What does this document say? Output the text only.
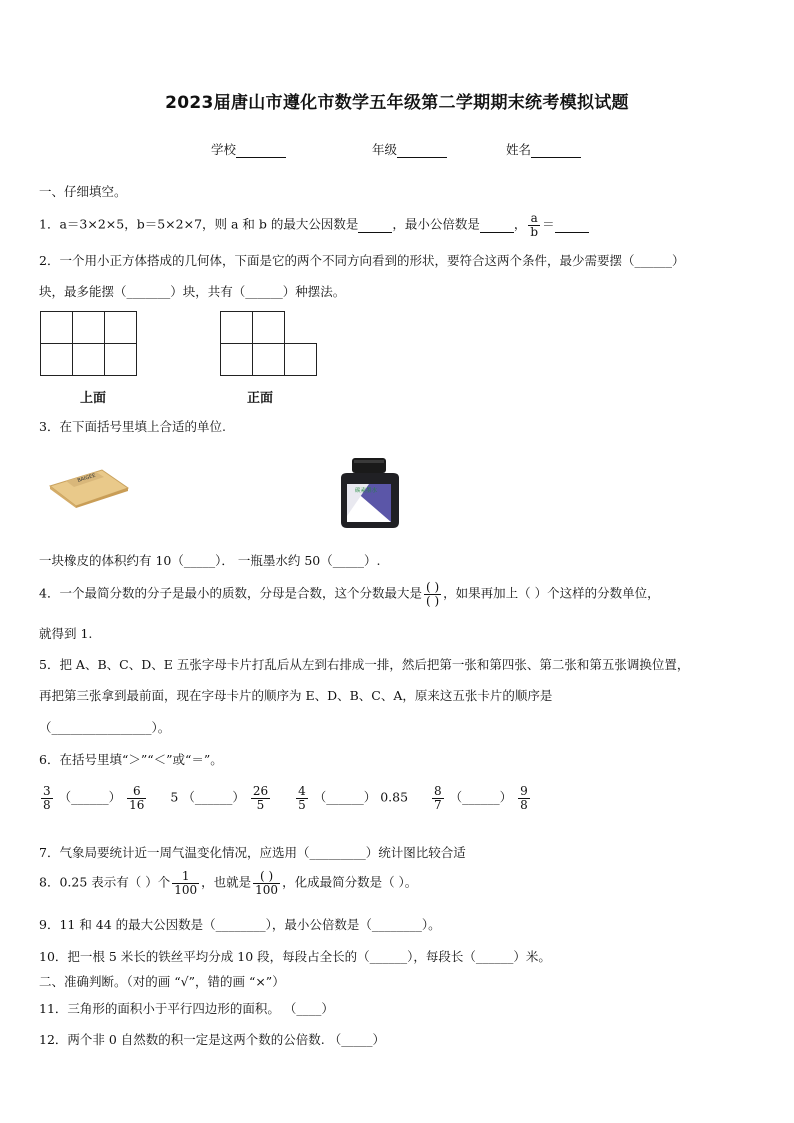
2023届唐山市遵化市数学五年级第二学期期末统考模拟试题
学校	年级	姓名
一、仔细填空。
1．a＝3×2×5，b＝5×2×7，则 a 和 b 的最大公因数是	，最小公倍数是	， $\frac{a}{b}$ ＝
2．一个用小正方体搭成的几何体，下面是它的两个不同方向看到的形状，要符合这两个条件，最少需要摆（______）
块，最多能摆（_______）块，共有（______）种摆法。
上面	正面
3．在下面括号里填上合适的单位.
BAIGEE
碳素墨水
一块橡皮的体积约有 10（_____）． 一瓶墨水约 50（_____）.
4．一个最简分数的分子是最小的质数，分母是合数，这个分数最大是 $\frac{( )}{( )}$ ，如果再加上（ ）个这样的分数单位，
就得到 1.
5．把 A、B、C、D、E 五张字母卡片打乱后从左到右排成一排，然后把第一张和第四张、第二张和第五张调换位置，
再把第三张拿到最前面，现在字母卡片的顺序为 E、D、B、C、A，原来这五张卡片的顺序是
（________________）。
6．在括号里填“＞”“＜”或“＝”。
$\frac{3}{8}$ （______） $\frac{6}{16} 5$ （______） $\frac{26}{5}$
$\frac{4}{5}$ （______） $0.85 \frac{8}{7}$ （______） $\frac{9}{8}$
7．气象局要统计近一周气温变化情况，应选用（_________）统计图比较合适
8．0.25 表示有（ ）个 $\frac{1}{100}$ ，也就是 $\frac{( )}{100}$ ，化成最简分数是（ ）。
9．11 和 44 的最大公因数是（________），最小公倍数是（________）。
10．把一根 5 米长的铁丝平均分成 10 段，每段占全长的（______），每段长（______）米。
二、准确判断。（对的画 “√”，错的画 “×”）
11．三角形的面积小于平行四边形的面积。 （____）
12．两个非 0 自然数的积一定是这两个数的公倍数. （_____）
